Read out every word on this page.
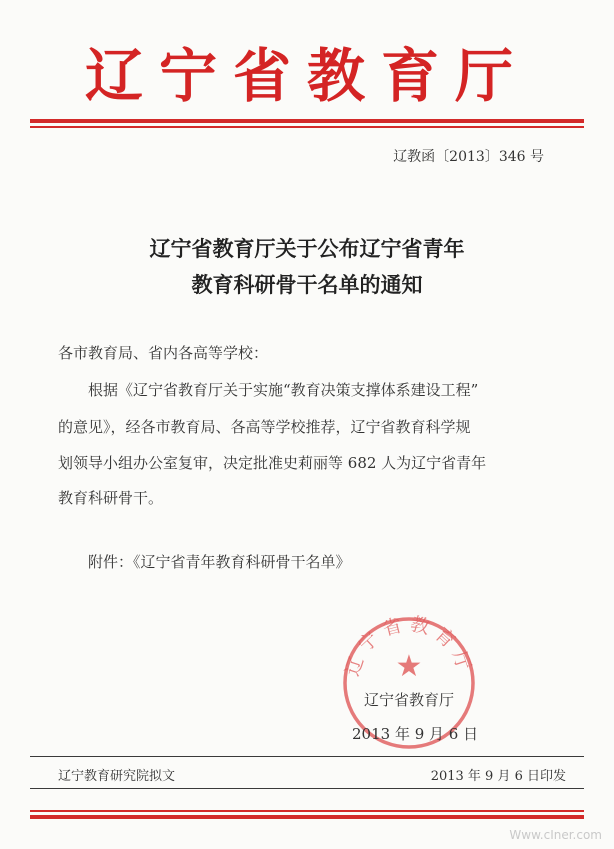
辽宁省教育厅
辽教函〔2013〕346 号
辽宁省教育厅关于公布辽宁省青年
教育科研骨干名单的通知
各市教育局、省内各高等学校：
根据《辽宁省教育厅关于实施“教育决策支撑体系建设工程”
的意见》，经各市教育局、各高等学校推荐，辽宁省教育科学规
划领导小组办公室复审，决定批准史莉丽等 682 人为辽宁省青年
教育科研骨干。
附件：《辽宁省青年教育科研骨干名单》
辽宁省教育厅
★
辽宁省教育厅
2013 年 9 月 6 日
辽宁教育研究院拟文	2013 年 9 月 6 日印发
Www.cIner.com
